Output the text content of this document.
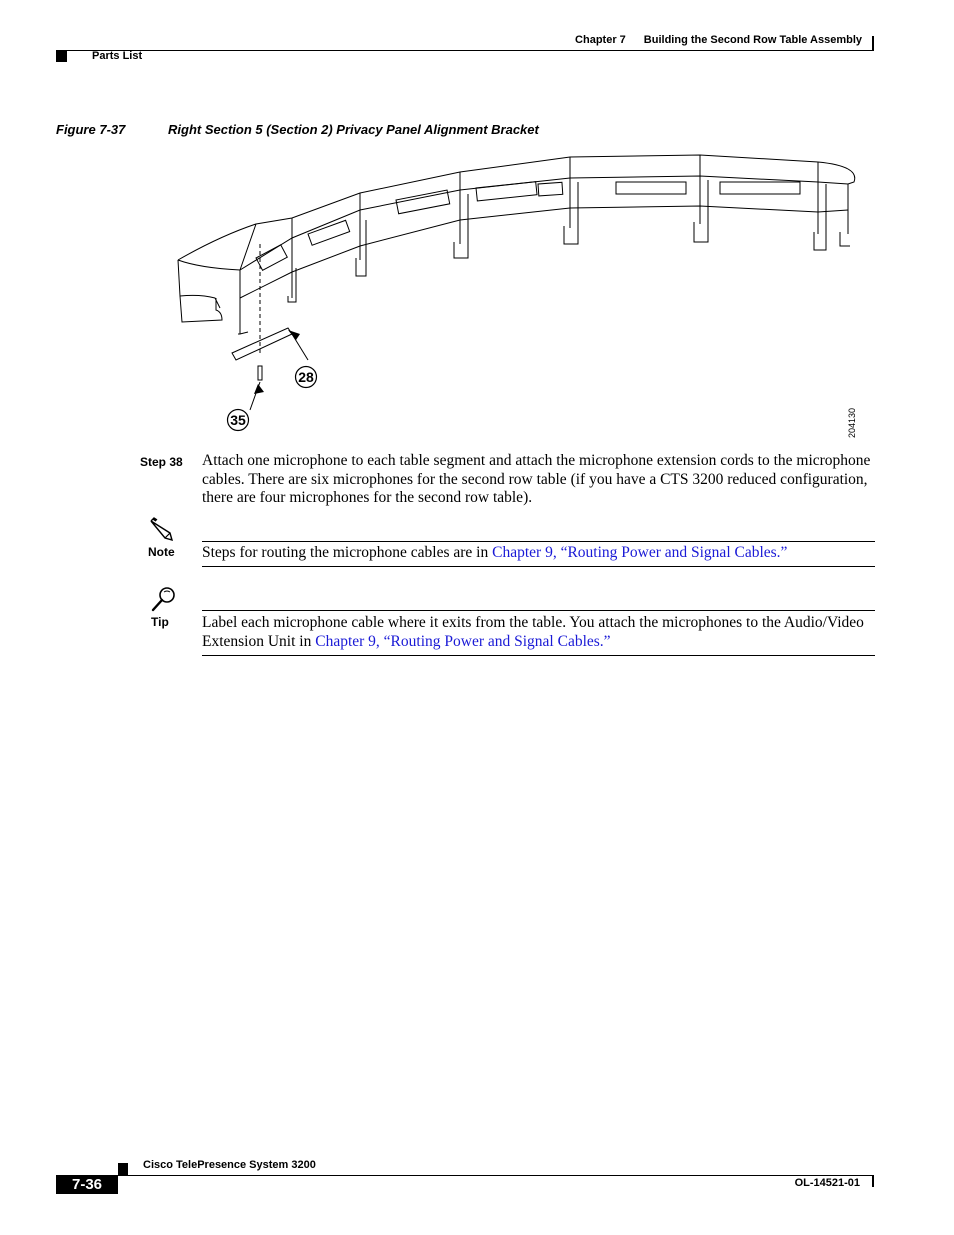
Chapter 7 Building the Second Row Table Assembly
Parts List
Figure 7-37	Right Section 5 (Section 2) Privacy Panel Alignment Bracket
28
35	204130
Step 38 Attach one microphone to each table segment and attach the microphone extension cords to the microphone cables. There are six microphones for the second row table (if you have a CTS 3200 reduced configuration, there are four microphones for the second row table).
Note Steps for routing the microphone cables are in Chapter 9, “Routing Power and Signal Cables.”
Tip Label each microphone cable where it exits from the table. You attach the microphones to the Audio/Video Extension Unit in Chapter 9, “Routing Power and Signal Cables.”
Cisco TelePresence System 3200
7-36	OL-14521-01
